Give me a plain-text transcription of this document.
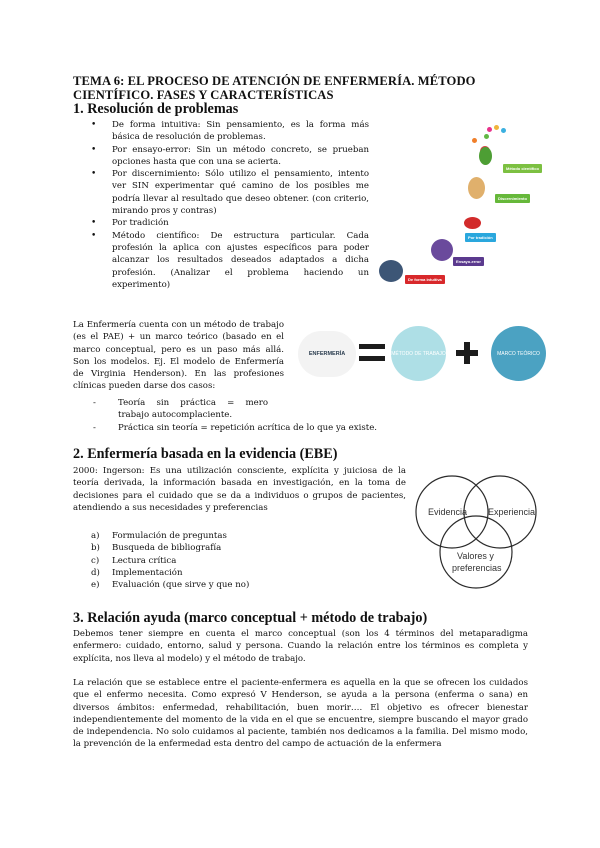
TEMA 6: EL PROCESO DE ATENCIÓN DE ENFERMERÍA. MÉTODO
CIENTÍFICO. FASES Y CARACTERÍSTICAS
1. Resolución de problemas
• De forma intuitiva: Sin pensamiento, es la forma más básica de resolución de problemas.
• Por ensayo-error: Sin un método concreto, se prueban opciones hasta que con una se acierta.
• Por discernimiento: Sólo utilizo el pensamiento, intento ver SIN experimentar qué camino de los posibles me podría llevar al resultado que deseo obtener. (con criterio, mirando pros y contras)
• Por tradición
• Método científico: De estructura particular. Cada profesión la aplica con ajustes específicos para poder alcanzar los resultados deseados adaptados a dicha profesión. (Analizar el problema haciendo un experimento)
Método científico
Discernimiento
Por tradición
Ensayo-error
De forma intuitiva
La Enfermería cuenta con un método de trabajo (es el PAE) + un marco teórico (basado en el marco conceptual, pero es un paso más allá. Son los modelos. Ej. El modelo de Enfermería de Virginia Henderson). En las profesiones clínicas pueden darse dos casos:
- Teoría sin práctica = mero trabajo autocomplaciente.
- Práctica sin teoría = repetición acrítica de lo que ya existe.
ENFERMERÍA	MÉTODO DE TRABAJO	MARCO TEÓRICO
2. Enfermería basada en la evidencia (EBE)
2000: Ingerson: Es una utilización consciente, explícita y juiciosa de la teoría derivada, la información basada en investigación, en la toma de decisiones para el cuidado que se da a individuos o grupos de pacientes, atendiendo a sus necesidades y preferencias
a)	Formulación de preguntas
b)	Busqueda de bibliografía
c)	Lectura crítica
d)	Implementación
e)	Evaluación (que sirve y que no)
Evidencia Experiencia
Valores y
preferencias
3. Relación ayuda (marco conceptual + método de trabajo)
Debemos tener siempre en cuenta el marco conceptual (son los 4 términos del metaparadigma enfermero: cuidado, entorno, salud y persona. Cuando la relación entre los términos es completa y explícita, nos lleva al modelo) y el método de trabajo.
La relación que se establece entre el paciente-enfermera es aquella en la que se ofrecen los cuidados que el enfermo necesita. Como expresó V Henderson, se ayuda a la persona (enferma o sana) en diversos ámbitos: enfermedad, rehabilitación, buen morir…. El objetivo es ofrecer bienestar independientemente del momento de la vida en el que se encuentre, siempre buscando el mayor grado de independencia. No solo cuidamos al paciente, también nos dedicamos a la familia. Del mismo modo, la prevención de la enfermedad esta dentro del campo de actuación de la enfermera
